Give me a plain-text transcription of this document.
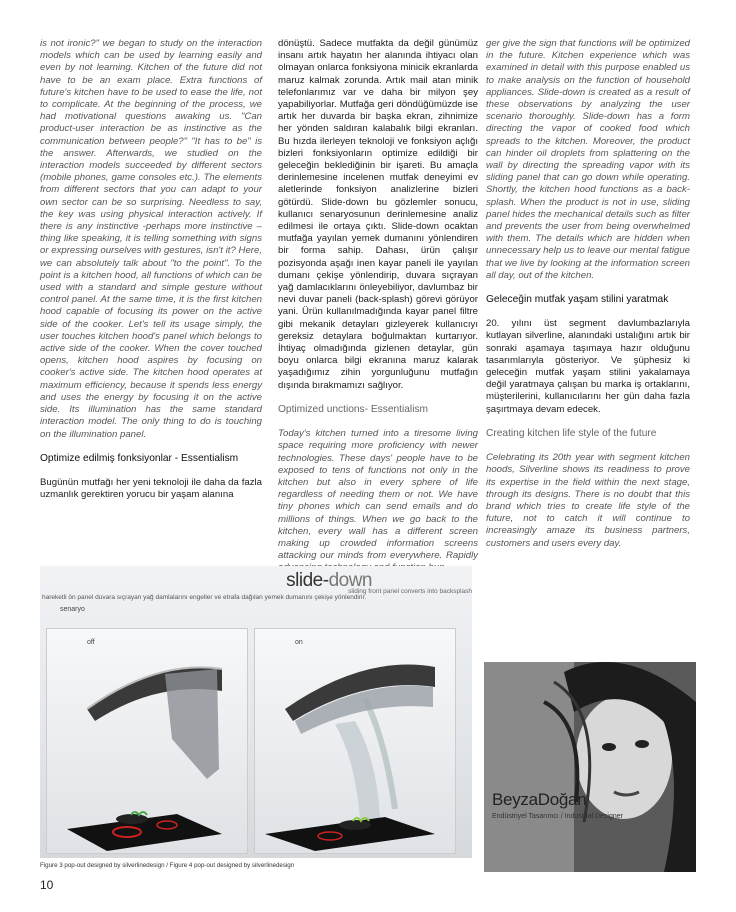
is not ironic?" we began to study on the interaction models which can be used by learning easily and even by not learning. Kitchen of the future did not have to be an exam place. Extra functions of future's kitchen have to be used to ease the life, not to complicate. At the beginning of the process, we had motivational questions awaking us. "Can product-user interaction be as instinctive as the communication between people?" "It has to be" is the answer. Afterwards, we studied on the interaction models succeeded by different sectors (mobile phones, game consoles etc.). The elements from different sectors that you can adapt to your own sector can be so surprising. Needless to say, the key was using physical interaction actively. If there is any instinctive -perhaps more instinctive – thing like speaking, it is telling something with signs or expressing ourselves with gestures, isn't it? Here, we can absolutely talk about "to the point". To the point is a kitchen hood, all functions of which can be used with a standard and simple gesture without control panel. At the same time, it is the first kitchen hood capable of focusing its power on the active side of the cooker. Let's tell its usage simply, the user touches kitchen hood's panel which belongs to active side of the cooker. When the cover touched opens, kitchen hood aspires by focusing on cooker's active side. The kitchen hood operates at maximum efficiency, because it spends less energy and uses the energy by focusing it on the active side. Its illumination has the same standard interaction model. The only thing to do is touching on the illumination panel.

Optimize edilmiş fonksiyonlar - Essentialism

Bugünün mutfağı her yeni teknoloji ile daha da fazla uzmanlık gerektiren yorucu bir yaşam alanına

dönüştü. Sadece mutfakta da değil günümüz insanı artık hayatın her alanında ihtiyacı olan olmayan onlarca fonksiyona minicik ekranlarda maruz kalmak zorunda. Artık mail atan minik telefonlarımız var ve daha bir milyon şey yapabiliyorlar. Mutfağa geri döndüğümüzde ise artık her duvarda bir başka ekran, zihnimize her yönden saldıran kalabalık bilgi ekranları. Bu hızda ilerleyen teknoloji ve fonksiyon açlığı bizleri fonksiyonların optimize edildiği bir geleceğin beklediğinin bir işareti. Bu amaçla derinlemesine incelenen mutfak deneyimi ev aletlerinde fonksiyon analizlerine bizleri götürdü. Slide-down bu gözlemler sonucu, kullanıcı senaryosunun derinlemesine analiz edilmesi ile ortaya çıktı. Slide-down ocaktan mutfağa yayılan yemek dumanını yönlendiren bir forma sahip. Dahası, ürün çalışır pozisyonda aşağı inen kayar paneli ile yayılan dumanı çekişe yönlendirip, duvara sıçrayan yağ damlacıklarını önleyebiliyor, davlumbaz bir nevi duvar paneli (back-splash) görevi görüyor yani. Ürün kullanılmadığında kayar panel filtre gibi mekanik detayları gizleyerek kullanıcıyı gereksiz detaylara boğulmaktan kurtarıyor. İhtiyaç olmadığında gizlenen detaylar, gün boyu onlarca bilgi ekranına maruz kalarak yaşadığımız zihin yorgunluğunu mutfağın dışında bırakmamızı sağlıyor.

Optimized unctions- Essentialism

Today's kitchen turned into a tiresome living space requiring more proficiency with newer technologies. These days' people have to be exposed to tens of functions not only in the kitchen but also in every sphere of life regardless of needing them or not. We have tiny phones which can send emails and do millions of things. When we go back to the kitchen, every wall has a different screen making up crowded information screens attacking our minds from everywhere. Rapidly

ger give the sign that functions will be optimized in the future. Kitchen experience which was examined in detail with this purpose enabled us to make analysis on the function of household appliances. Slide-down is created as a result of these observations by analyzing the user scenario thoroughly. Slide-down has a form directing the vapor of cooked food which spreads to the kitchen. Moreover, the product can hinder oil droplets from splattering on the wall by directing the spreading vapor with its sliding panel that can go down while operating. Shortly, the kitchen hood functions as a back-splash. When the product is not in use, sliding panel hides the mechanical details such as filter and prevents the user from being overwhelmed with them. The details which are hidden when unnecessary help us to leave our mental fatigue that we live by looking at the information screen all day, out of the kitchen.

Geleceğin mutfak yaşam stilini yaratmak

20. yılını üst segment davlumbazlarıyla kutlayan silverline, alanındaki ustalığını artık bir sonraki aşamaya taşımaya hazır olduğunu tasarımlarıyla gösteriyor. Ve şüphesiz ki geleceğin mutfak yaşam stilini yakalamaya değil yaratmaya çalışan bu marka iş ortaklarını, müşterilerini, kullanıcılarını her gün daha fazla şaşırtmaya devam edecek.

Creating kitchen life style of the future

Celebrating its 20th year with segment kitchen hoods, Silverline shows its readiness to prove its expertise in the field within the next stage, through its designs. There is no doubt that this brand which tries to create life style of the future, not to catch it will continue to increasingly amaze its business partners, customers and users every day.

slide-down
sliding front panel converts into backsplash
hareketli ön panel duvara sıçrayan yağ damlalarını engeller ve etrafa dağılan yemek dumanını çekişe yönlendirir.
senaryo
off	on
Figure 3 pop-out designed by silverlinedesign / Figure 4 pop-out designed by silverlinedesign
BeyzaDoğan
Endüstriyel Tasarımcı / Industrial Designer
10
